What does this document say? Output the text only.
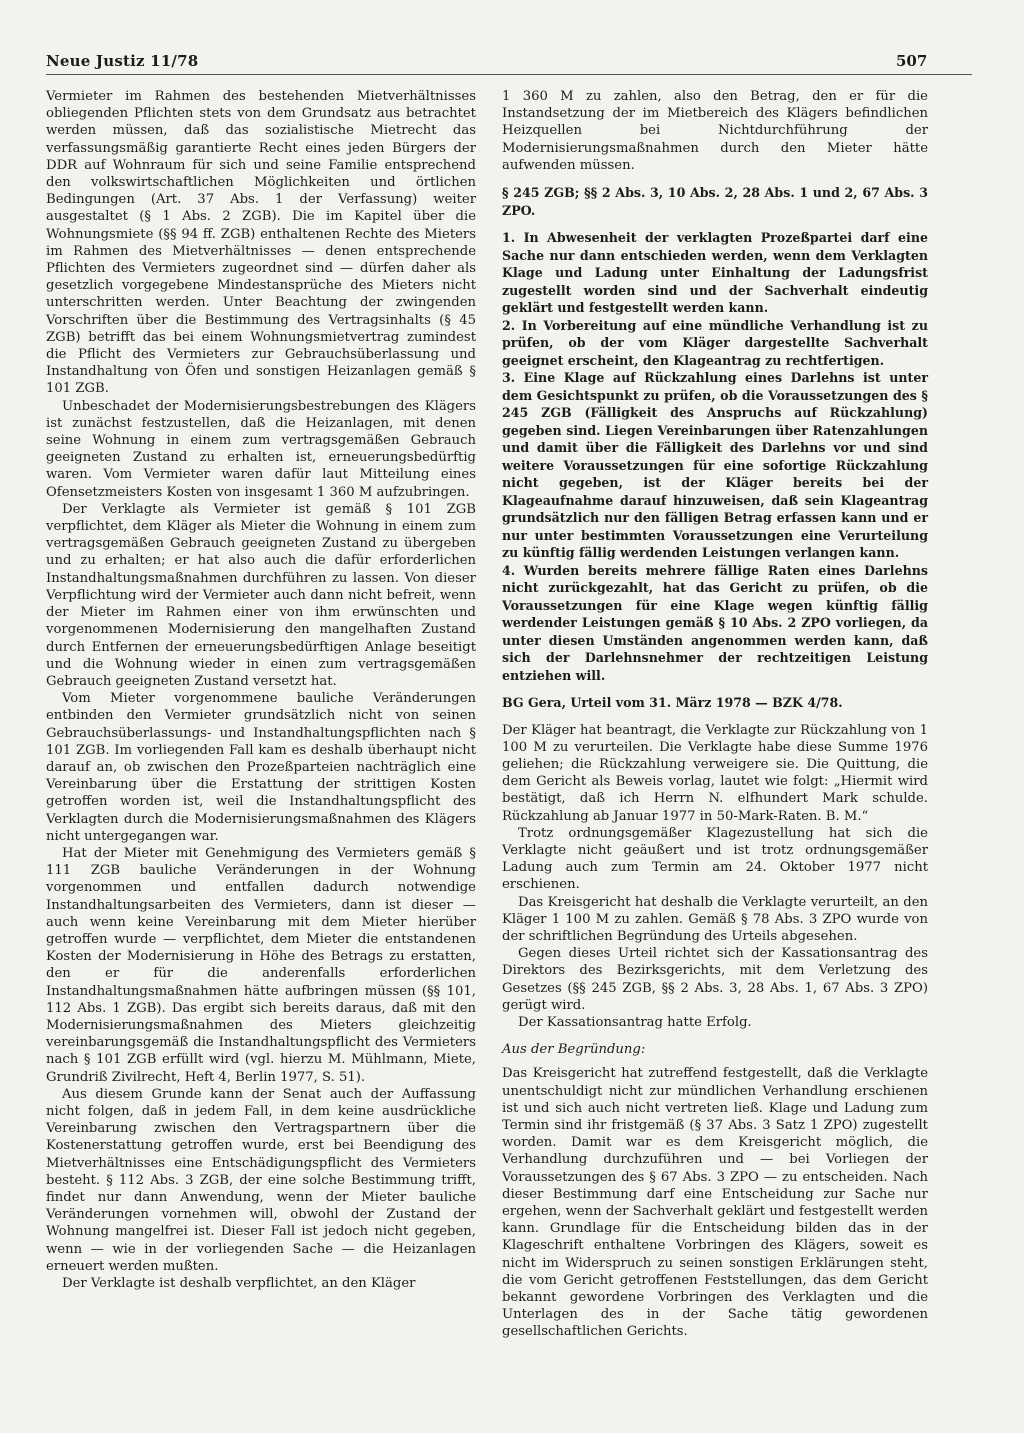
Neue Justiz 11/78	507

Vermieter im Rahmen des bestehenden Mietverhältnisses obliegenden Pflichten stets von dem Grundsatz aus betrachtet werden müssen, daß das sozialistische Mietrecht das verfassungsmäßig garantierte Recht eines jeden Bürgers der DDR auf Wohnraum für sich und seine Familie entsprechend den volkswirtschaftlichen Möglichkeiten und örtlichen Bedingungen (Art. 37 Abs. 1 der Verfassung) weiter ausgestaltet (§ 1 Abs. 2 ZGB). Die im Kapitel über die Wohnungsmiete (§§ 94 ff. ZGB) enthaltenen Rechte des Mieters im Rahmen des Mietverhältnisses — denen entsprechende Pflichten des Vermieters zugeordnet sind — dürfen daher als gesetzlich vorgegebene Mindestansprüche des Mieters nicht unterschritten werden. Unter Beachtung der zwingenden Vorschriften über die Bestimmung des Vertragsinhalts (§ 45 ZGB) betrifft das bei einem Wohnungsmietvertrag zumindest die Pflicht des Vermieters zur Gebrauchsüberlassung und Instandhaltung von Öfen und sonstigen Heizanlagen gemäß § 101 ZGB.

Unbeschadet der Modernisierungsbestrebungen des Klägers ist zunächst festzustellen, daß die Heizanlagen, mit denen seine Wohnung in einem zum vertragsgemäßen Gebrauch geeigneten Zustand zu erhalten ist, erneuerungsbedürftig waren. Vom Vermieter waren dafür laut Mitteilung eines Ofensetzmeisters Kosten von insgesamt 1 360 M aufzubringen.

Der Verklagte als Vermieter ist gemäß § 101 ZGB verpflichtet, dem Kläger als Mieter die Wohnung in einem zum vertragsgemäßen Gebrauch geeigneten Zustand zu übergeben und zu erhalten; er hat also auch die dafür erforderlichen Instandhaltungsmaßnahmen durchführen zu lassen. Von dieser Verpflichtung wird der Vermieter auch dann nicht befreit, wenn der Mieter im Rahmen einer von ihm erwünschten und vorgenommenen Modernisierung den mangelhaften Zustand durch Entfernen der erneuerungsbedürftigen Anlage beseitigt und die Wohnung wieder in einen zum vertragsgemäßen Gebrauch geeigneten Zustand versetzt hat.

Vom Mieter vorgenommene bauliche Veränderungen entbinden den Vermieter grundsätzlich nicht von seinen Gebrauchsüberlassungs- und Instandhaltungspflichten nach § 101 ZGB. Im vorliegenden Fall kam es deshalb überhaupt nicht darauf an, ob zwischen den Prozeßparteien nachträglich eine Vereinbarung über die Erstattung der strittigen Kosten getroffen worden ist, weil die Instandhaltungspflicht des Verklagten durch die Modernisierungsmaßnahmen des Klägers nicht untergegangen war.

Hat der Mieter mit Genehmigung des Vermieters gemäß § 111 ZGB bauliche Veränderungen in der Wohnung vorgenommen und entfallen dadurch notwendige Instandhaltungsarbeiten des Vermieters, dann ist dieser — auch wenn keine Vereinbarung mit dem Mieter hierüber getroffen wurde — verpflichtet, dem Mieter die entstandenen Kosten der Modernisierung in Höhe des Betrags zu erstatten, den er für die anderenfalls erforderlichen Instandhaltungsmaßnahmen hätte aufbringen müssen (§§ 101, 112 Abs. 1 ZGB). Das ergibt sich bereits daraus, daß mit den Modernisierungsmaßnahmen des Mieters gleichzeitig vereinbarungsgemäß die Instandhaltungspflicht des Vermieters nach § 101 ZGB erfüllt wird (vgl. hierzu M. Mühlmann, Miete, Grundriß Zivilrecht, Heft 4, Berlin 1977, S. 51).

Aus diesem Grunde kann der Senat auch der Auffassung nicht folgen, daß in jedem Fall, in dem keine ausdrückliche Vereinbarung zwischen den Vertragspartnern über die Kostenerstattung getroffen wurde, erst bei Beendigung des Mietverhältnisses eine Entschädigungspflicht des Vermieters besteht. § 112 Abs. 3 ZGB, der eine solche Bestimmung trifft, findet nur dann Anwendung, wenn der Mieter bauliche Veränderungen vornehmen will, obwohl der Zustand der Wohnung mangelfrei ist. Dieser Fall ist jedoch nicht gegeben, wenn — wie in der vorliegenden Sache — die Heizanlagen erneuert werden mußten.

Der Verklagte ist deshalb verpflichtet, an den Kläger

1 360 M zu zahlen, also den Betrag, den er für die Instandsetzung der im Mietbereich des Klägers befindlichen Heizquellen bei Nichtdurchführung der Modernisierungsmaßnahmen durch den Mieter hätte aufwenden müssen.

§ 245 ZGB; §§ 2 Abs. 3, 10 Abs. 2, 28 Abs. 1 und 2, 67 Abs. 3 ZPO.

1. In Abwesenheit der verklagten Prozeßpartei darf eine Sache nur dann entschieden werden, wenn dem Verklagten Klage und Ladung unter Einhaltung der Ladungsfrist zugestellt worden sind und der Sachverhalt eindeutig geklärt und festgestellt werden kann.

2. In Vorbereitung auf eine mündliche Verhandlung ist zu prüfen, ob der vom Kläger dargestellte Sachverhalt geeignet erscheint, den Klageantrag zu rechtfertigen.

3. Eine Klage auf Rückzahlung eines Darlehns ist unter dem Gesichtspunkt zu prüfen, ob die Voraussetzungen des § 245 ZGB (Fälligkeit des Anspruchs auf Rückzahlung) gegeben sind. Liegen Vereinbarungen über Ratenzahlungen und damit über die Fälligkeit des Darlehns vor und sind weitere Voraussetzungen für eine sofortige Rückzahlung nicht gegeben, ist der Kläger bereits bei der Klageaufnahme darauf hinzuweisen, daß sein Klageantrag grundsätzlich nur den fälligen Betrag erfassen kann und er nur unter bestimmten Voraussetzungen eine Verurteilung zu künftig fällig werdenden Leistungen verlangen kann.

4. Wurden bereits mehrere fällige Raten eines Darlehns nicht zurückgezahlt, hat das Gericht zu prüfen, ob die Voraussetzungen für eine Klage wegen künftig fällig werdender Leistungen gemäß § 10 Abs. 2 ZPO vorliegen, da unter diesen Umständen angenommen werden kann, daß sich der Darlehnsnehmer der rechtzeitigen Leistung entziehen will.

BG Gera, Urteil vom 31. März 1978 — BZK 4/78.

Der Kläger hat beantragt, die Verklagte zur Rückzahlung von 1 100 M zu verurteilen. Die Verklagte habe diese Summe 1976 geliehen; die Rückzahlung verweigere sie. Die Quittung, die dem Gericht als Beweis vorlag, lautet wie folgt: „Hiermit wird bestätigt, daß ich Herrn N. elfhundert Mark schulde. Rückzahlung ab Januar 1977 in 50-Mark-Raten. B. M.“

Trotz ordnungsgemäßer Klagezustellung hat sich die Verklagte nicht geäußert und ist trotz ordnungsgemäßer Ladung auch zum Termin am 24. Oktober 1977 nicht erschienen.

Das Kreisgericht hat deshalb die Verklagte verurteilt, an den Kläger 1 100 M zu zahlen. Gemäß § 78 Abs. 3 ZPO wurde von der schriftlichen Begründung des Urteils abgesehen.

Gegen dieses Urteil richtet sich der Kassationsantrag des Direktors des Bezirksgerichts, mit dem Verletzung des Gesetzes (§§ 245 ZGB, §§ 2 Abs. 3, 28 Abs. 1, 67 Abs. 3 ZPO) gerügt wird.

Der Kassationsantrag hatte Erfolg.

Aus der Begründung:

Das Kreisgericht hat zutreffend festgestellt, daß die Verklagte unentschuldigt nicht zur mündlichen Verhandlung erschienen ist und sich auch nicht vertreten ließ. Klage und Ladung zum Termin sind ihr fristgemäß (§ 37 Abs. 3 Satz 1 ZPO) zugestellt worden. Damit war es dem Kreisgericht möglich, die Verhandlung durchzuführen und — bei Vorliegen der Voraussetzungen des § 67 Abs. 3 ZPO — zu entscheiden. Nach dieser Bestimmung darf eine Entscheidung zur Sache nur ergehen, wenn der Sachverhalt geklärt und festgestellt werden kann. Grundlage für die Entscheidung bilden das in der Klageschrift enthaltene Vorbringen des Klägers, soweit es nicht im Widerspruch zu seinen sonstigen Erklärungen steht, die vom Gericht getroffenen Feststellungen, das dem Gericht bekannt gewordene Vorbringen des Verklagten und die Unterlagen des in der Sache tätig gewordenen gesellschaftlichen Gerichts.
